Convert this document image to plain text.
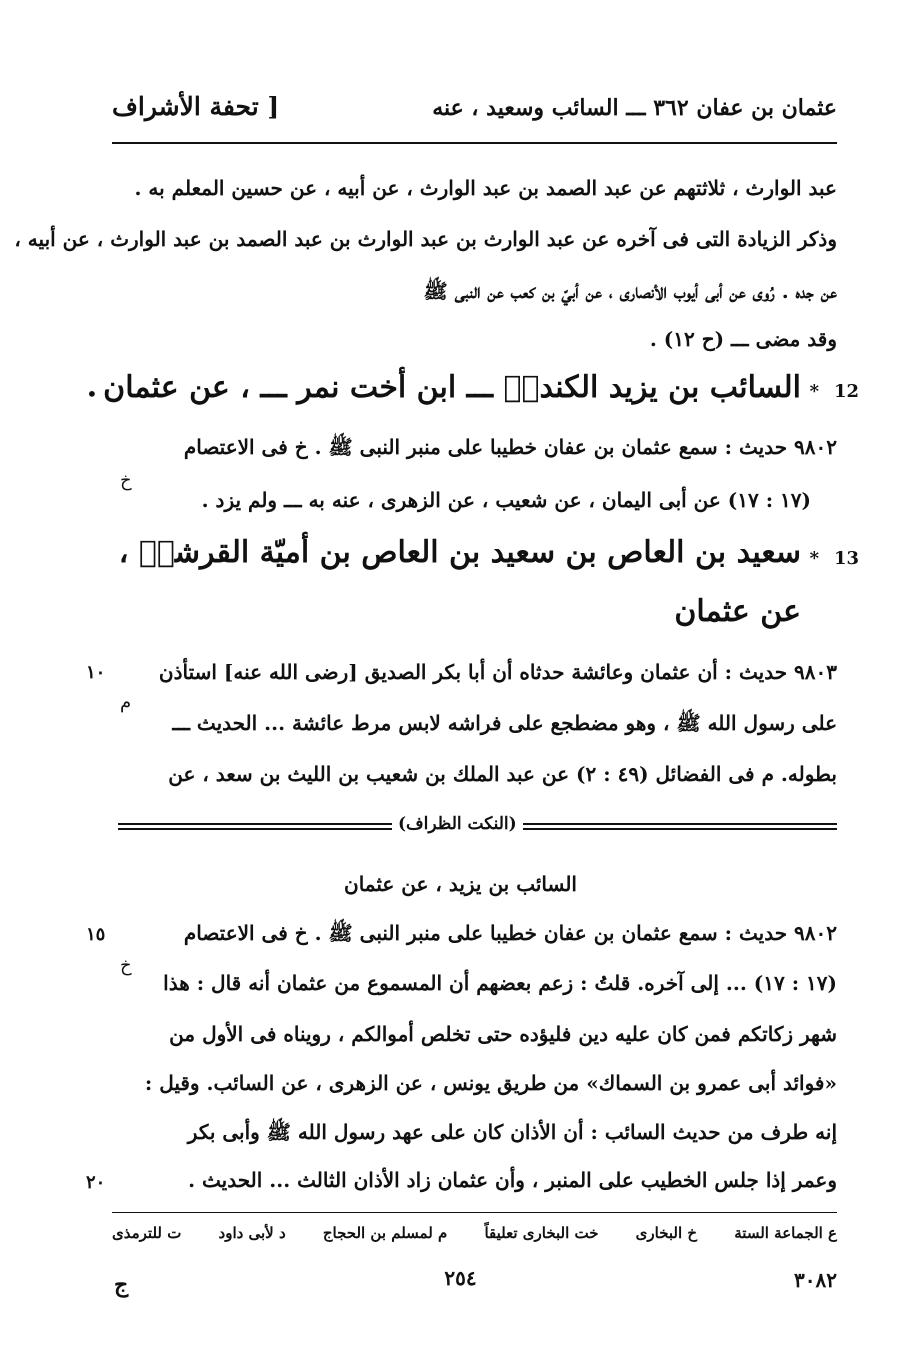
[ تحفة الأشراف	عثمان بن عفان ٣٦٢ ـــ السائب وسعيد ، عنه
عبد الوارث ، ثلاثتهم عن عبد الصمد بن عبد الوارث ، عن أبيه ، عن حسين المعلم به .
وذكر الزيادة التى فى آخره عن عبد الوارث بن عبد الوارث بن عبد الصمد بن عبد الوارث ، عن أبيه ،
عن جده . رُوى عن أبى أيوب الأنصارى ، عن أبيّ بن كعب عن النبى ﷺ
وقد مضى ـــ (ح ١٢) .
12
*
السائب بن يزيد الكندىؓ ـــ ابن أخت نمر ـــ ، عن عثمان
•
٩٨٠٢ حديث : سمع عثمان بن عفان خطيبا على منبر النبى ﷺ . خ فى الاعتصام
(١٧ : ١٧) عن أبى اليمان ، عن شعيب ، عن الزهرى ، عنه به ـــ ولم يزد .
خ
13
*
سعيد بن العاص بن سعيد بن العاص بن أميّة القرشىؓ ،
عن عثمان
٩٨٠٣ حديث : أن عثمان وعائشة حدثاه أن أبا بكر الصديق [رضى الله عنه] استأذن
على رسول الله ﷺ ، وهو مضطجع على فراشه لابس مرط عائشة ... الحديث ـــ
بطوله. م فى الفضائل (٤٩ : ٢) عن عبد الملك بن شعيب بن الليث بن سعد ، عن
م
١٠
(النكت الظراف)
السائب بن يزيد ، عن عثمان
٩٨٠٢ حديث : سمع عثمان بن عفان خطيبا على منبر النبى ﷺ . خ فى الاعتصام
(١٧ : ١٧) ... إلى آخره. قلتُ : زعم بعضهم أن المسموع من عثمان أنه قال : هذا
شهر زكاتكم فمن كان عليه دين فليؤده حتى تخلص أموالكم ، رويناه فى الأول من
«فوائد أبى عمرو بن السماك» من طريق يونس ، عن الزهرى ، عن السائب. وقيل :
إنه طرف من حديث السائب : أن الأذان كان على عهد رسول الله ﷺ وأبى بكر
وعمر إذا جلس الخطيب على المنبر ، وأن عثمان زاد الأذان الثالث ... الحديث .
خ
١٥
٢٠
ع الجماعة الستة
خ البخارى
خت البخارى تعليقاً
م لمسلم بن الحجاج
د لأبى داود
ت للترمذى
ج	٢٥٤	٣٠٨٢
